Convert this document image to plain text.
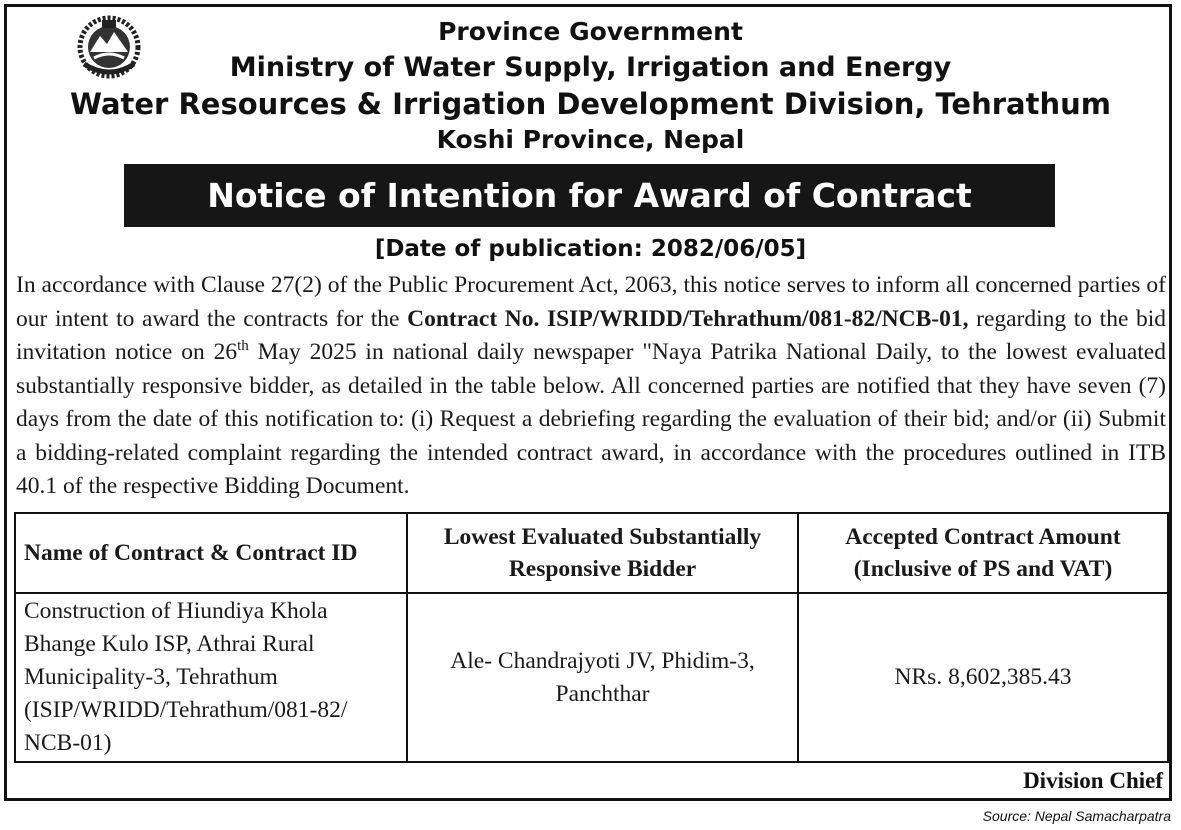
Province Government
Ministry of Water Supply, Irrigation and Energy
Water Resources & Irrigation Development Division, Tehrathum
Koshi Province, Nepal
Notice of Intention for Award of Contract
[Date of publication: 2082/06/05]
In accordance with Clause 27(2) of the Public Procurement Act, 2063, this notice serves to inform all concerned parties of our intent to award the contracts for the Contract No. ISIP/WRIDD/Tehrathum/081-82/NCB-01, regarding to the bid invitation notice on 26th May 2025 in national daily newspaper "Naya Patrika National Daily, to the lowest evaluated substantially responsive bidder, as detailed in the table below. All concerned parties are notified that they have seven (7) days from the date of this notification to: (i) Request a debriefing regarding the evaluation of their bid; and/or (ii) Submit a bidding-related complaint regarding the intended contract award, in accordance with the procedures outlined in ITB 40.1 of the respective Bidding Document.
Name of Contract & Contract ID	Lowest Evaluated Substantially Responsive Bidder	Accepted Contract Amount (Inclusive of PS and VAT)
Construction of Hiundiya Khola Bhange Kulo ISP, Athrai Rural Municipality-3, Tehrathum (ISIP/WRIDD/Tehrathum/081-82/ NCB-01)	Ale- Chandrajyoti JV, Phidim-3, Panchthar	NRs. 8,602,385.43
Division Chief
Source: Nepal Samacharpatra
